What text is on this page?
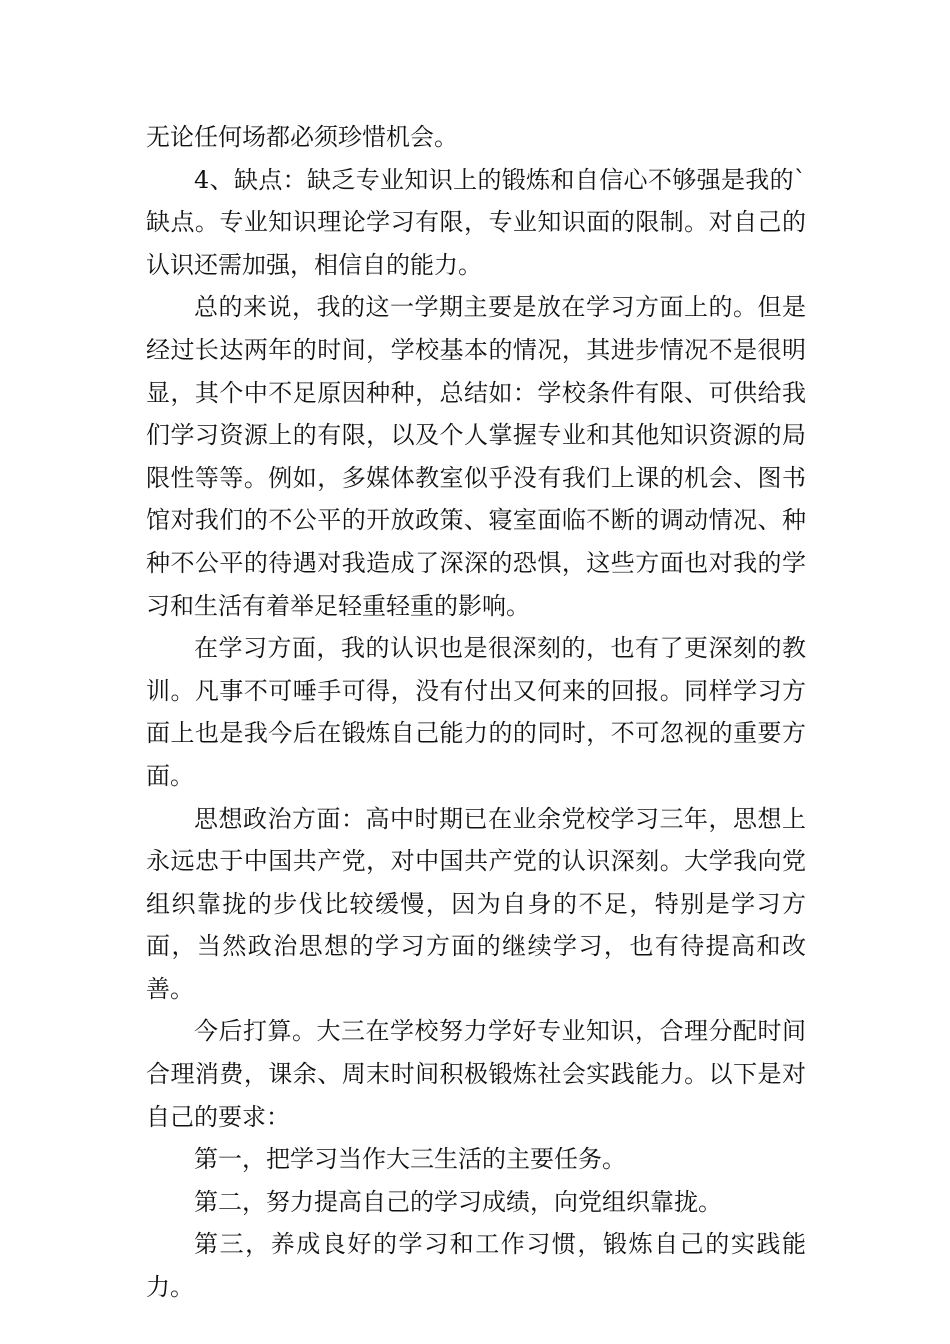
无论任何场都必须珍惜机会。

4、缺点：缺乏专业知识上的锻炼和自信心不够强是我的`缺点。专业知识理论学习有限，专业知识面的限制。对自己的认识还需加强，相信自的能力。

总的来说，我的这一学期主要是放在学习方面上的。但是经过长达两年的时间，学校基本的情况，其进步情况不是很明显，其个中不足原因种种，总结如：学校条件有限、可供给我们学习资源上的有限，以及个人掌握专业和其他知识资源的局限性等等。例如，多媒体教室似乎没有我们上课的机会、图书馆对我们的不公平的开放政策、寝室面临不断的调动情况、种种不公平的待遇对我造成了深深的恐惧，这些方面也对我的学习和生活有着举足轻重轻重的影响。

在学习方面，我的认识也是很深刻的，也有了更深刻的教训。凡事不可唾手可得，没有付出又何来的回报。同样学习方面上也是我今后在锻炼自己能力的的同时，不可忽视的重要方面。

思想政治方面：高中时期已在业余党校学习三年，思想上永远忠于中国共产党，对中国共产党的认识深刻。大学我向党组织靠拢的步伐比较缓慢，因为自身的不足，特别是学习方面，当然政治思想的学习方面的继续学习，也有待提高和改善。

今后打算。大三在学校努力学好专业知识，合理分配时间合理消费，课余、周末时间积极锻炼社会实践能力。以下是对自己的要求：

第一，把学习当作大三生活的主要任务。

第二，努力提高自己的学习成绩，向党组织靠拢。

第三，养成良好的学习和工作习惯，锻炼自己的实践能力。
